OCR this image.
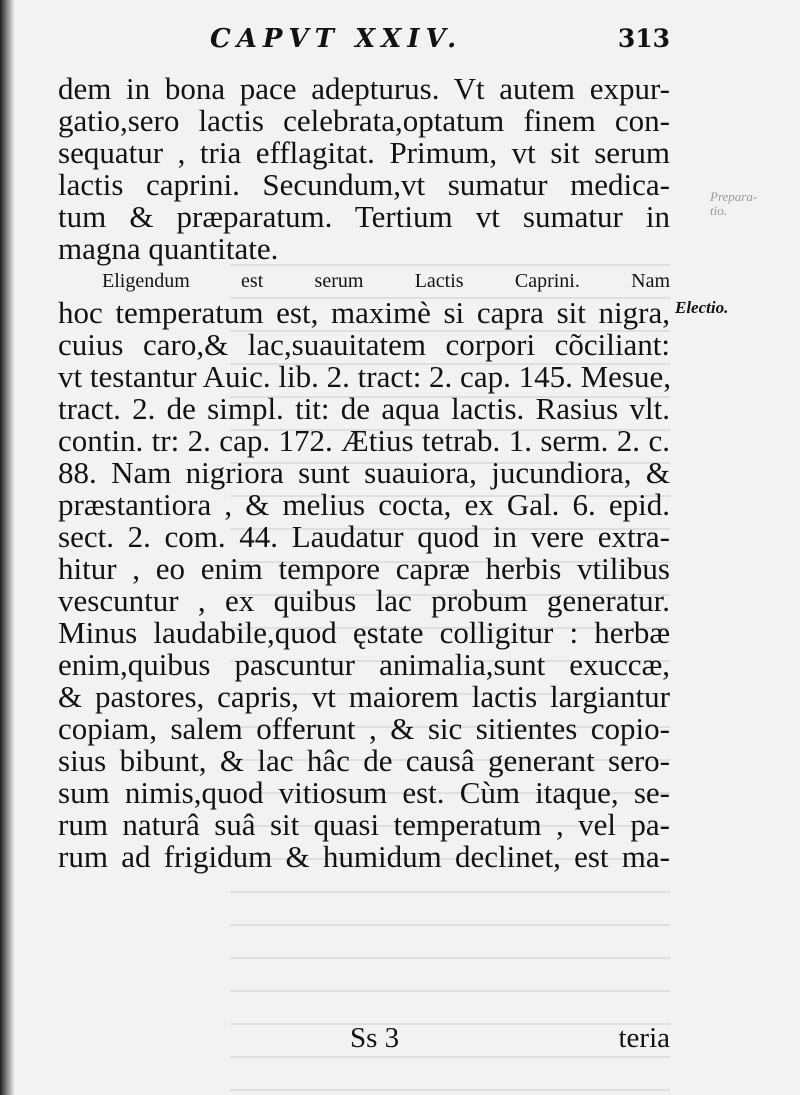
CAPVT XXIV.	313
Prepara-
tio.
dem in bona pace adepturus. Vt autem expur-
gatio,sero lactis celebrata,optatum finem con-
sequatur , tria efflagitat. Primum, vt sit serum
lactis caprini. Secundum,vt sumatur medica-
tum & præparatum. Tertium vt sumatur in
magna quantitate.
Eligendum est serum Lactis Caprini. Nam
hoc temperatum est, maximè si capra sit nigra,
cuius caro,& lac,suauitatem corpori cõciliant:
vt testantur Auic. lib. 2. tract: 2. cap. 145. Mesue,
tract. 2. de simpl. tit: de aqua lactis. Rasius vlt.
contin. tr: 2. cap. 172. Ætius tetrab. 1. serm. 2. c.
88. Nam nigriora sunt suauiora, jucundiora, &
præstantiora , & melius cocta, ex Gal. 6. epid.
sect. 2. com. 44. Laudatur quod in vere extra-
hitur , eo enim tempore capræ herbis vtilibus
vescuntur , ex quibus lac probum generatur.
Minus laudabile,quod ęstate colligitur : herbæ
enim,quibus pascuntur animalia,sunt exuccæ,
& pastores, capris, vt maiorem lactis largiantur
copiam, salem offerunt , & sic sitientes copio-
sius bibunt, & lac hâc de causâ generant sero-
sum nimis,quod vitiosum est. Cùm itaque, se-
rum naturâ suâ sit quasi temperatum , vel pa-
rum ad frigidum & humidum declinet, est ma-
Electio.
Ss 3	teria
